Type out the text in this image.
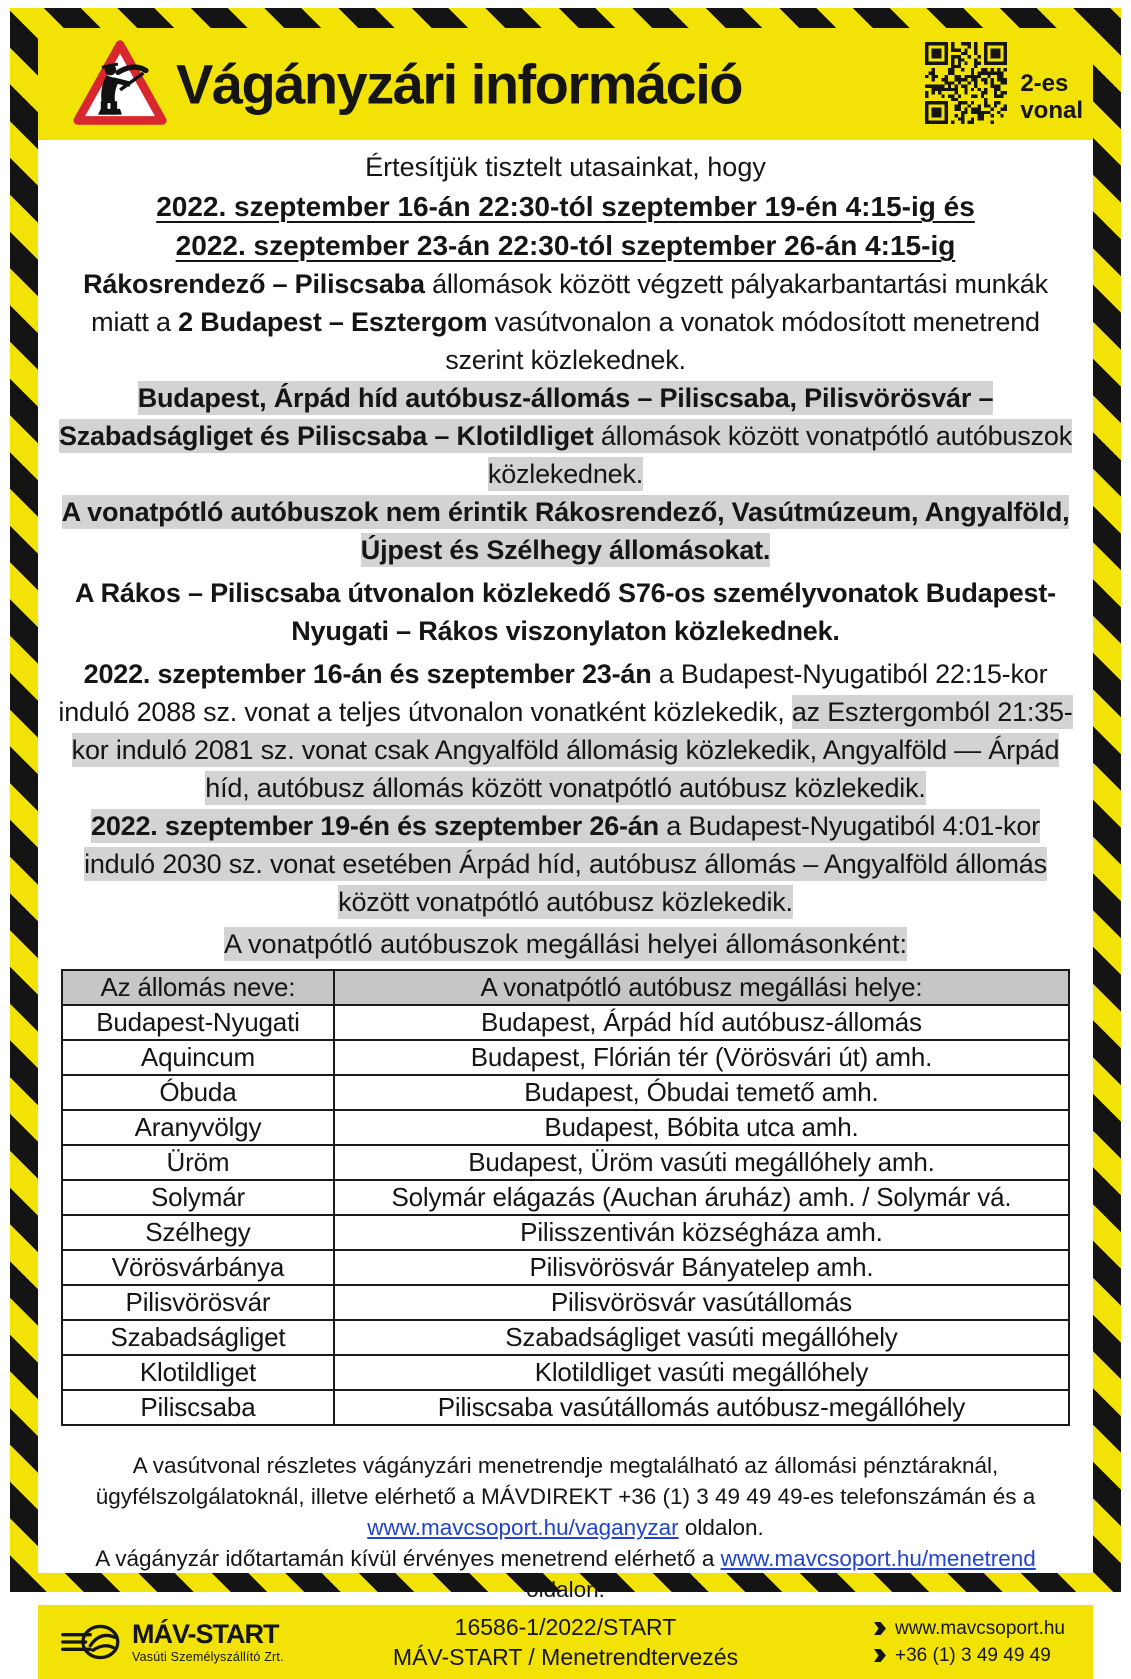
Vágányzári információ	2-es
vonal
Értesítjük tisztelt utasainkat, hogy
2022. szeptember 16-án 22:30-tól szeptember 19-én 4:15-ig és
2022. szeptember 23-án 22:30-tól szeptember 26-án 4:15-ig

Rákosrendező – Piliscsaba állomások között végzett pályakarbantartási munkák miatt a 2 Budapest – Esztergom vasútvonalon a vonatok módosított menetrend szerint közlekednek.

Budapest, Árpád híd autóbusz-állomás – Piliscsaba, Pilisvörösvár – Szabadságliget és Piliscsaba – Klotildliget állomások között vonatpótló autóbuszok közlekednek.

A vonatpótló autóbuszok nem érintik Rákosrendező, Vasútmúzeum, Angyalföld, Újpest és Szélhegy állomásokat.

A Rákos – Piliscsaba útvonalon közlekedő S76-os személyvonatok Budapest-Nyugati – Rákos viszonylaton közlekednek.

2022. szeptember 16-án és szeptember 23-án a Budapest-Nyugatiból 22:15-kor induló 2088 sz. vonat a teljes útvonalon vonatként közlekedik, az Esztergomból 21:35-kor induló 2081 sz. vonat csak Angyalföld állomásig közlekedik, Angyalföld — Árpád híd, autóbusz állomás között vonatpótló autóbusz közlekedik.

2022. szeptember 19-én és szeptember 26-án a Budapest-Nyugatiból 4:01-kor induló 2030 sz. vonat esetében Árpád híd, autóbusz állomás – Angyalföld állomás között vonatpótló autóbusz közlekedik.

A vonatpótló autóbuszok megállási helyei állomásonként:

Az állomás neve:	A vonatpótló autóbusz megállási helye:
Budapest-Nyugati	Budapest, Árpád híd autóbusz-állomás
Aquincum	Budapest, Flórián tér (Vörösvári út) amh.
Óbuda	Budapest, Óbudai temető amh.
Aranyvölgy	Budapest, Bóbita utca amh.
Üröm	Budapest, Üröm vasúti megállóhely amh.
Solymár	Solymár elágazás (Auchan áruház) amh. / Solymár vá.
Szélhegy	Pilisszentiván községháza amh.
Vörösvárbánya	Pilisvörösvár Bányatelep amh.
Pilisvörösvár	Pilisvörösvár vasútállomás
Szabadságliget	Szabadságliget vasúti megállóhely
Klotildliget	Klotildliget vasúti megállóhely
Piliscsaba	Piliscsaba vasútállomás autóbusz-megállóhely
A vasútvonal részletes vágányzári menetrendje megtalálható az állomási pénztáraknál, ügyfélszolgálatoknál, illetve elérhető a MÁVDIREKT +36 (1) 3 49 49 49-es telefonszámán és a www.mavcsoport.hu/vaganyzar oldalon.
A vágányzár időtartamán kívül érvényes menetrend elérhető a www.mavcsoport.hu/menetrend oldalon.
MÁV-START
Vasúti Személyszállító Zrt.
16586-1/2022/START
MÁV-START / Menetrendtervezés
www.mavcsoport.hu
+36 (1) 3 49 49 49
